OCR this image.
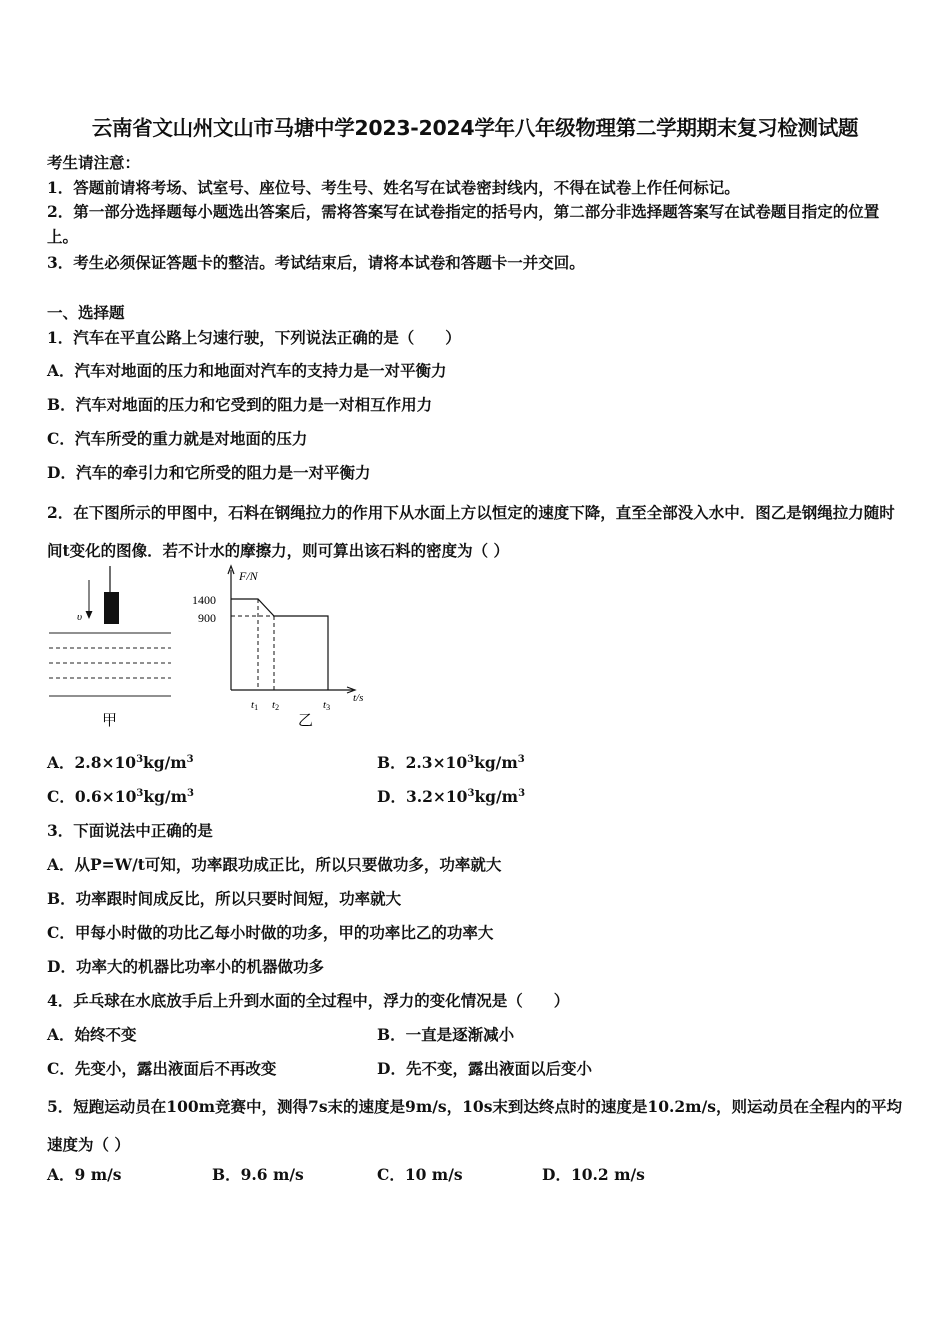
云南省文山州文山市马塘中学2023-2024学年八年级物理第二学期期末复习检测试题
考生请注意：
1．答题前请将考场、试室号、座位号、考生号、姓名写在试卷密封线内，不得在试卷上作任何标记。
2．第一部分选择题每小题选出答案后，需将答案写在试卷指定的括号内，第二部分非选择题答案写在试卷题目指定的位置上。
3．考生必须保证答题卡的整洁。考试结束后，请将本试卷和答题卡一并交回。
一、选择题
1．汽车在平直公路上匀速行驶，下列说法正确的是（　　）
A．汽车对地面的压力和地面对汽车的支持力是一对平衡力
B．汽车对地面的压力和它受到的阻力是一对相互作用力
C．汽车所受的重力就是对地面的压力
D．汽车的牵引力和它所受的阻力是一对平衡力
2．在下图所示的甲图中，石料在钢绳拉力的作用下从水面上方以恒定的速度下降，直至全部没入水中．图乙是钢绳拉力随时间t变化的图像．若不计水的摩擦力，则可算出该石料的密度为（ ）
υ
甲
F/N
t/s
1400
900
t1 t2	t3
乙
A．$2.8\times 10^3kg/m^3$	B．$2.3\times 10^3kg/m^3$
C．$0.6\times 10^3kg/m^3$	D．$3.2\times 10^3kg/m^3$
3．下面说法中正确的是
A．从P=W/t可知，功率跟功成正比，所以只要做功多，功率就大
B．功率跟时间成反比，所以只要时间短，功率就大
C．甲每小时做的功比乙每小时做的功多，甲的功率比乙的功率大
D．功率大的机器比功率小的机器做功多
4．乒乓球在水底放手后上升到水面的全过程中，浮力的变化情况是（　　）
A．始终不变	B．一直是逐渐减小
C．先变小，露出液面后不再改变	D．先不变，露出液面以后变小
5．短跑运动员在100m竞赛中，测得7s末的速度是9m/s，10s末到达终点时的速度是10.2m/s，则运动员在全程内的平均速度为（ ）
A．9 m/s	B．9.6 m/s	C．10 m/s	D．10.2 m/s
